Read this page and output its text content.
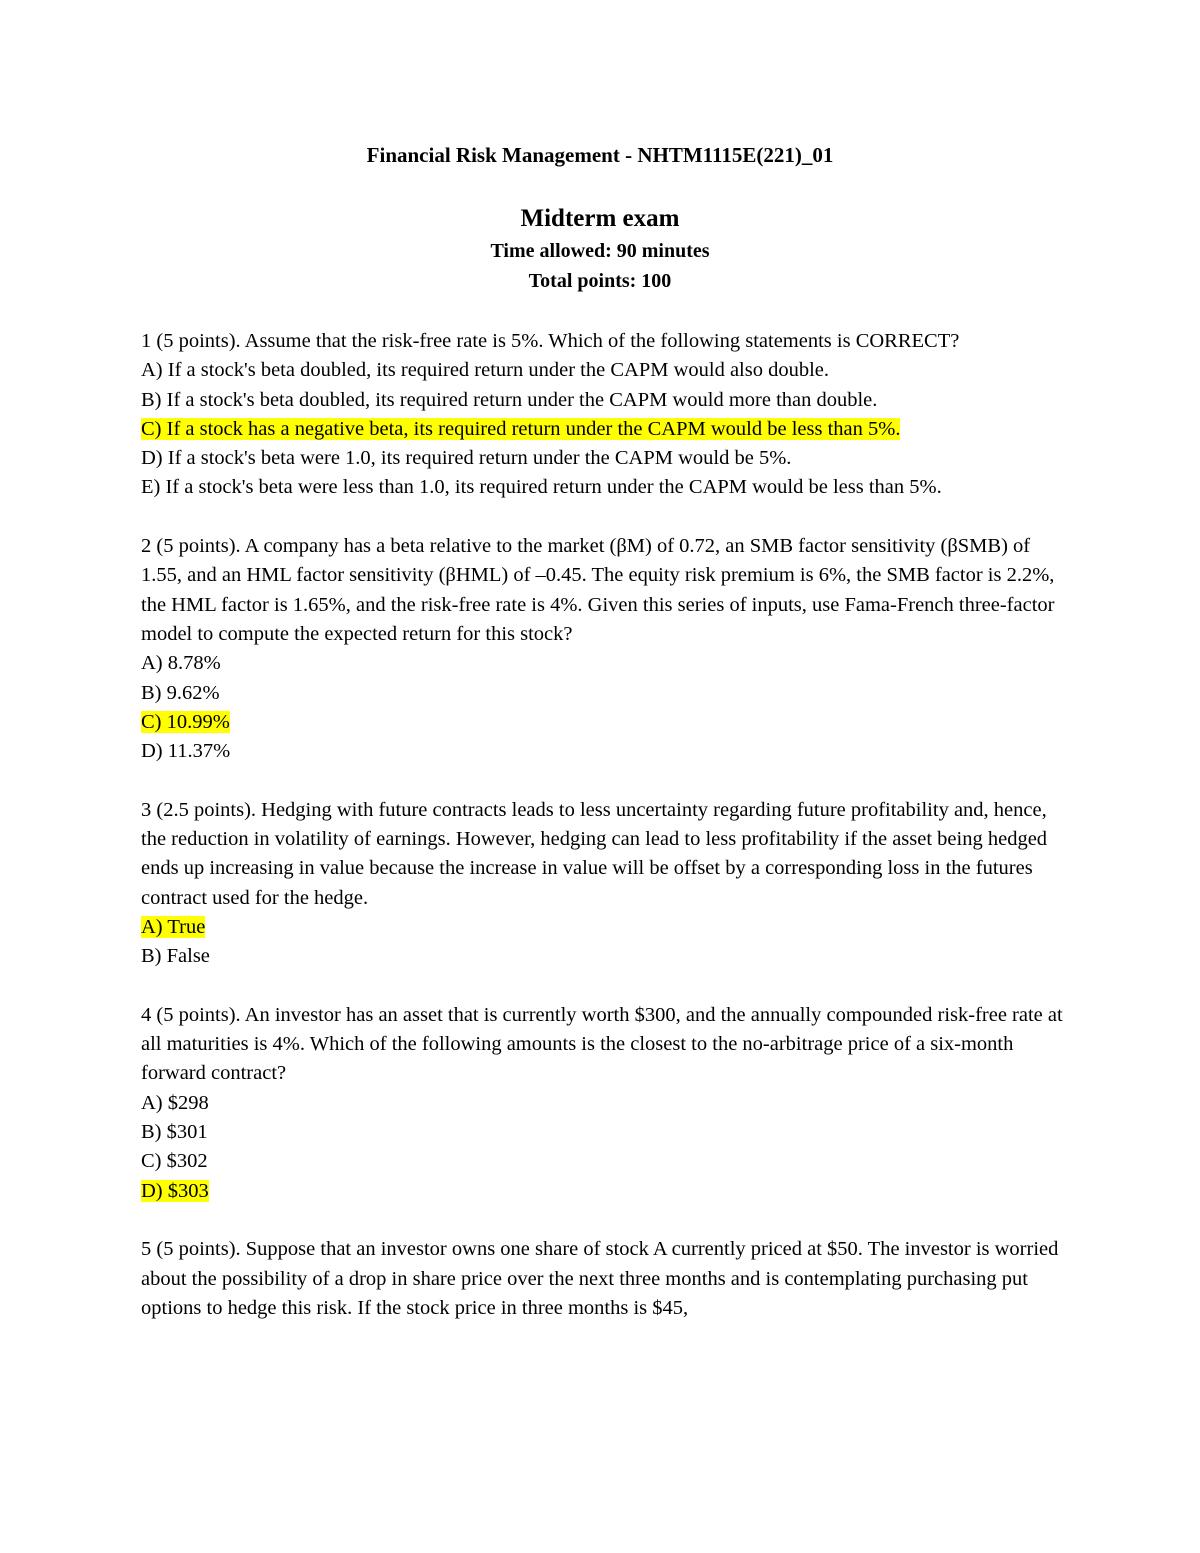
Financial Risk Management - NHTM1115E(221)_01
Midterm exam
Time allowed: 90 minutes
Total points: 100
1 (5 points). Assume that the risk-free rate is 5%. Which of the following statements is CORRECT?
A) If a stock's beta doubled, its required return under the CAPM would also double.
B) If a stock's beta doubled, its required return under the CAPM would more than double.
C) If a stock has a negative beta, its required return under the CAPM would be less than 5%.
D) If a stock's beta were 1.0, its required return under the CAPM would be 5%.
E) If a stock's beta were less than 1.0, its required return under the CAPM would be less than 5%.
2 (5 points). A company has a beta relative to the market (βM) of 0.72, an SMB factor sensitivity (βSMB) of 1.55, and an HML factor sensitivity (βHML) of –0.45. The equity risk premium is 6%, the SMB factor is 2.2%, the HML factor is 1.65%, and the risk-free rate is 4%. Given this series of inputs, use Fama-French three-factor model to compute the expected return for this stock?
A) 8.78%
B) 9.62%
C) 10.99%
D) 11.37%
3 (2.5 points). Hedging with future contracts leads to less uncertainty regarding future profitability and, hence, the reduction in volatility of earnings. However, hedging can lead to less profitability if the asset being hedged ends up increasing in value because the increase in value will be offset by a corresponding loss in the futures contract used for the hedge.
A) True
B) False
4 (5 points). An investor has an asset that is currently worth $300, and the annually compounded risk-free rate at all maturities is 4%. Which of the following amounts is the closest to the no-arbitrage price of a six-month forward contract?
A) $298
B) $301
C) $302
D) $303
5 (5 points). Suppose that an investor owns one share of stock A currently priced at $50. The investor is worried about the possibility of a drop in share price over the next three months and is contemplating purchasing put options to hedge this risk. If the stock price in three months is $45,
